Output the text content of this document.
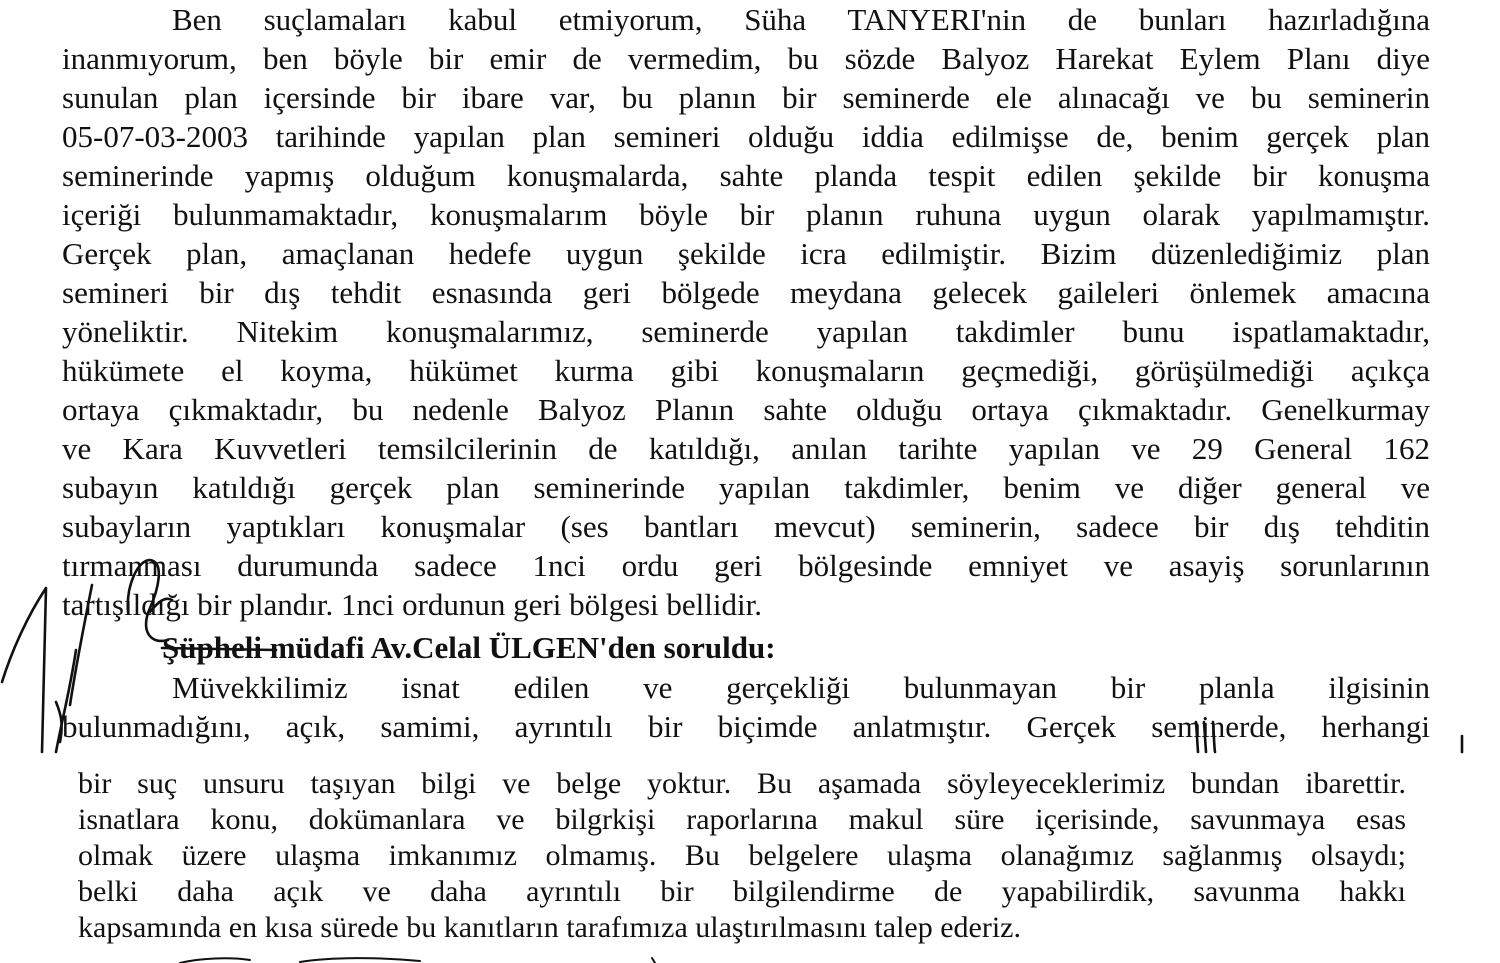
Ben suçlamaları kabul etmiyorum, Süha TANYERI'nin de bunları hazırladığına
inanmıyorum, ben böyle bir emir de vermedim, bu sözde Balyoz Harekat Eylem Planı diye
sunulan plan içersinde bir ibare var, bu planın bir seminerde ele alınacağı ve bu seminerin
05-07-03-2003 tarihinde yapılan plan semineri olduğu iddia edilmişse de, benim gerçek plan
seminerinde yapmış olduğum konuşmalarda, sahte planda tespit edilen şekilde bir konuşma
içeriği bulunmamaktadır, konuşmalarım böyle bir planın ruhuna uygun olarak yapılmamıştır.
Gerçek plan, amaçlanan hedefe uygun şekilde icra edilmiştir. Bizim düzenlediğimiz plan
semineri bir dış tehdit esnasında geri bölgede meydana gelecek gaileleri önlemek amacına
yöneliktir. Nitekim konuşmalarımız, seminerde yapılan takdimler bunu ispatlamaktadır,
hükümete el koyma, hükümet kurma gibi konuşmaların geçmediği, görüşülmediği açıkça
ortaya çıkmaktadır, bu nedenle Balyoz Planın sahte olduğu ortaya çıkmaktadır. Genelkurmay
ve Kara Kuvvetleri temsilcilerinin de katıldığı, anılan tarihte yapılan ve 29 General 162
subayın katıldığı gerçek plan seminerinde yapılan takdimler, benim ve diğer general ve
subayların yaptıkları konuşmalar (ses bantları mevcut) seminerin, sadece bir dış tehditin
tırmanması durumunda sadece 1nci ordu geri bölgesinde emniyet ve asayiş sorunlarının
tartışıldığı bir plandır. 1nci ordunun geri bölgesi bellidir.
Şüpheli müdafi Av.Celal ÜLGEN'den soruldu:
Müvekkilimiz isnat edilen ve gerçekliği bulunmayan bir planla ilgisinin
bulunmadığını, açık, samimi, ayrıntılı bir biçimde anlatmıştır. Gerçek seminerde, herhangi
bir suç unsuru taşıyan bilgi ve belge yoktur. Bu aşamada söyleyeceklerimiz bundan ibarettir.
isnatlara konu, dokümanlara ve bilgrkişi raporlarına makul süre içerisinde, savunmaya esas
olmak üzere ulaşma imkanımız olmamış. Bu belgelere ulaşma olanağımız sağlanmış olsaydı;
belki daha açık ve daha ayrıntılı bir bilgilendirme de yapabilirdik, savunma hakkı
kapsamında en kısa sürede bu kanıtların tarafımıza ulaştırılmasını talep ederiz.
